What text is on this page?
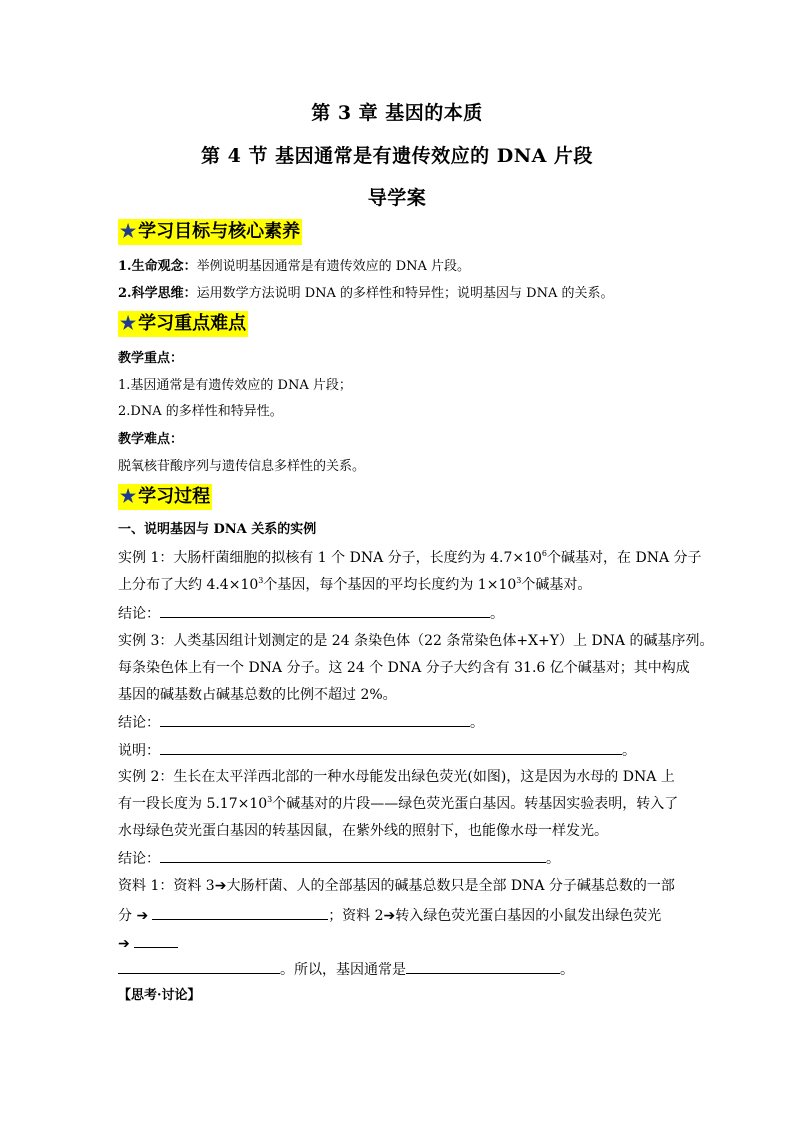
第 3 章 基因的本质
第 4 节 基因通常是有遗传效应的 DNA 片段
导学案
★ 学习目标与核心素养
1.生命观念：举例说明基因通常是有遗传效应的 DNA 片段。
2.科学思维：运用数学方法说明 DNA 的多样性和特异性；说明基因与 DNA 的关系。
★ 学习重点难点
教学重点：
1.基因通常是有遗传效应的 DNA 片段；
2.DNA 的多样性和特异性。
教学难点：
脱氧核苷酸序列与遗传信息多样性的关系。
★ 学习过程
一、说明基因与 DNA 关系的实例
实例 1：大肠杆菌细胞的拟核有 1 个 DNA 分子，长度约为 $4.7\times 10^6$个碱基对，在 DNA 分子
上分布了大约 $4.4\times 10^3$个基因，每个基因的平均长度约为 $1\times 10^3$个碱基对。
结论：	。
实例 3：人类基因组计划测定的是 24 条染色体（22 条常染色体+X+Y）上 DNA 的碱基序列。
每条染色体上有一个 DNA 分子。这 24 个 DNA 分子大约含有 31.6 亿个碱基对；其中构成
基因的碱基数占碱基总数的比例不超过 2%。
结论：	。
说明：	。
实例 2：生长在太平洋西北部的一种水母能发出绿色荧光(如图)，这是因为水母的 DNA 上
有一段长度为 $5.17\times 10^3$个碱基对的片段——绿色荧光蛋白基因。转基因实验表明，转入了
水母绿色荧光蛋白基因的转基因鼠，在紫外线的照射下，也能像水母一样发光。
结论：	。
资料 1：资料 3➔大肠杆菌、人的全部基因的碱基总数只是全部 DNA 分子碱基总数的一部
分 ➔	；资料 2➔转入绿色荧光蛋白基因的小鼠发出绿色荧光
➔
。所以，基因通常是	。
【思考·讨论】
